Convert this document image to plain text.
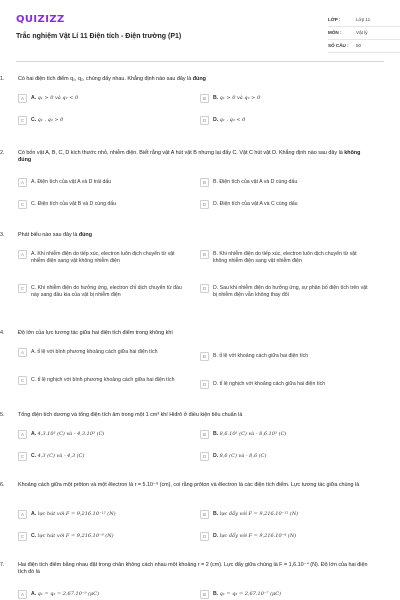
QUIZIZZ
Trắc nghiệm Vật Lí 11 Điện tích - Điện trường (P1)
LỚP :	Lớp 11
MÔN :	Vật lý
SỐ CÂU :	50
1.	Có hai điện tích điểm q₁, q₂, chúng đẩy nhau. Khẳng định nào sau đây là đúng
A	A. q₁ > 0 và q₂ < 0	B	B. q₁ > 0 và q₂ > 0
C	C. q₁ . q₂ > 0	D	D. q₁ . q₂ < 0
2.	Có bốn vật A, B, C, D kích thước nhỏ, nhiễm điện. Biết rằng vật A hút vật B nhưng lại đẩy C. Vật C hút vật D. Khẳng định nào sau đây là không đúng
A	A. Điện tích của vật A và D trái dấu	B	B. Điện tích của vật A và D cùng dấu
C	C. Điện tích của vật B và D cùng dấu	D	D. Điện tích của vật A và C cùng dấu
3.	Phát biểu nào sau đây là đúng
A	A. Khi nhiễm điện do tiếp xúc, electron luôn dịch chuyển từ vật nhiễm điện sang vật không nhiễm điện
B	B. Khi nhiễm điện do tiếp xúc, electron luôn dịch chuyển từ vật không nhiễm điện sang vật nhiễm điện
C	C. Khi nhiễm điện do hưởng ứng, electron chỉ dịch chuyển từ đầu này sang đầu kia của vật bị nhiễm điện
D	D. Sau khi nhiễm điện do hưởng ứng, sự phân bố điện tích trên vật bị nhiễm điện vẫn không thay đổi
4.	Độ lớn của lực tương tác giữa hai điện tích điểm trong không khí
A	A. tỉ lệ với bình phương khoảng cách giữa hai điện tích
B	B. tỉ lệ với khoảng cách giữa hai điện tích
C	C. tỉ lệ nghịch với bình phương khoảng cách giữa hai điện tích
D	D. tỉ lệ nghịch với khoảng cách giữa hai điện tích
5.	Tổng điện tích dương và tổng điện tích âm trong một 1 cm³ khí Hiđrô ở điều kiện tiêu chuẩn là
A	A. 4,3.10³ (C) và - 4,3.10³ (C)	B	B. 8,6.10³ (C) và - 8,6.10³ (C)
C	C. 4,3 (C) và - 4,3 (C)	D	D. 8,6 (C) và - 8,6 (C)
6.	Khoảng cách giữa một prôton và một êlectron là r = 5.10⁻⁹ (cm), coi rằng prôton và êlectron là các điện tích điểm. Lực tương tác giữa chúng là
A	A. lực hút với F = 9,216.10⁻¹² (N)	B	B. lực đẩy với F = 9,216.10⁻¹² (N)
C	C. lực hút với F = 9,216.10⁻⁸ (N)	D	D. lực đẩy với F = 9,216.10⁻⁸ (N)
7.	Hai điện tích điểm bằng nhau đặt trong chân không cách nhau một khoảng r = 2 (cm). Lực đẩy giữa chúng là F = 1,6.10⁻⁴ (N). Độ lớn của hai điện tích đó là
A	A. q₁ = q₂ = 2,67.10⁻⁹ (μC)	B	B. q₁ = q₂ = 2,67.10⁻⁷ (μC)
